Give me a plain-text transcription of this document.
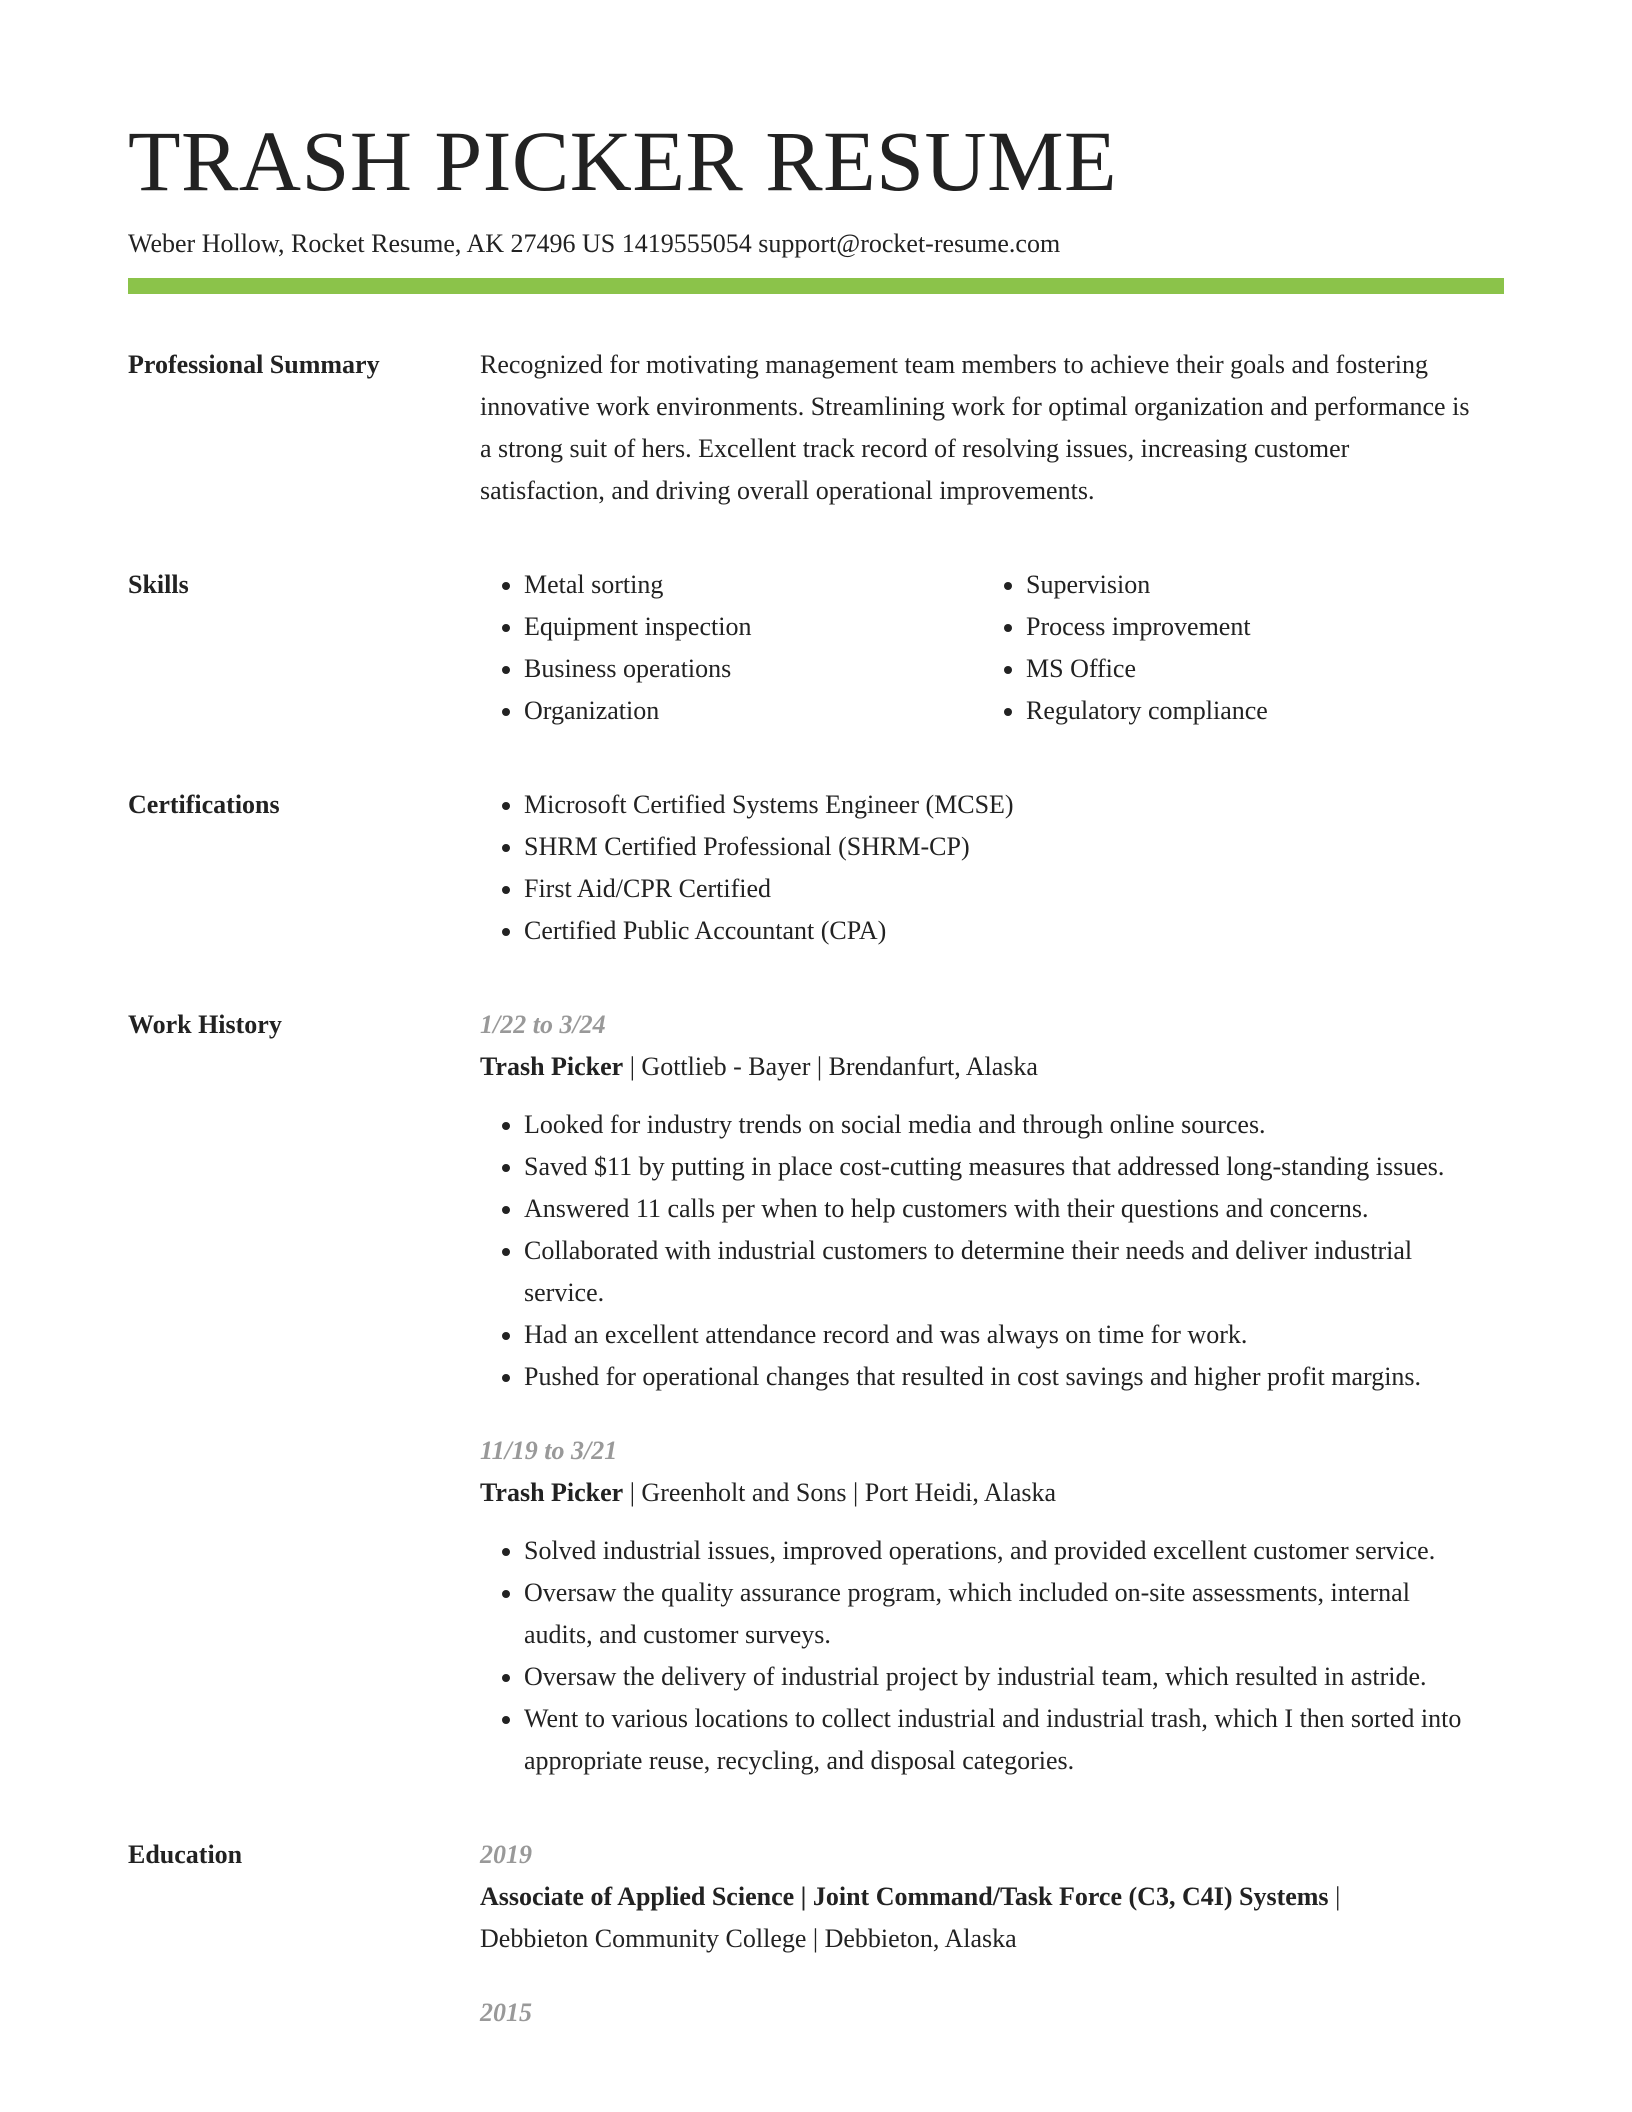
TRASH PICKER RESUME
Weber Hollow, Rocket Resume, AK 27496 US 1419555054 support@rocket-resume.com
Professional Summary	Recognized for motivating management team members to achieve their goals and fostering innovative work environments. Streamlining work for optimal organization and performance is a strong suit of hers. Excellent track record of resolving issues, increasing customer satisfaction, and driving overall operational improvements.

Skills	• Metal sorting
• Equipment inspection
• Business operations
• Organization
• Supervision
• Process improvement
• MS Office
• Regulatory compliance
Certifications	• Microsoft Certified Systems Engineer (MCSE)
• SHRM Certified Professional (SHRM-CP)
• First Aid/CPR Certified
• Certified Public Accountant (CPA)
Work History	1/22 to 3/24
Trash Picker | Gottlieb - Bayer | Brendanfurt, Alaska
• Looked for industry trends on social media and through online sources.
• Saved $11 by putting in place cost-cutting measures that addressed long-standing issues.
• Answered 11 calls per when to help customers with their questions and concerns.
• Collaborated with industrial customers to determine their needs and deliver industrial service.
• Had an excellent attendance record and was always on time for work.
• Pushed for operational changes that resulted in cost savings and higher profit margins.
11/19 to 3/21
Trash Picker | Greenholt and Sons | Port Heidi, Alaska
• Solved industrial issues, improved operations, and provided excellent customer service.
• Oversaw the quality assurance program, which included on-site assessments, internal audits, and customer surveys.
• Oversaw the delivery of industrial project by industrial team, which resulted in astride.
• Went to various locations to collect industrial and industrial trash, which I then sorted into appropriate reuse, recycling, and disposal categories.
Education	2019
Associate of Applied Science | Joint Command/Task Force (C3, C4I) Systems |
Debbieton Community College | Debbieton, Alaska
2015
